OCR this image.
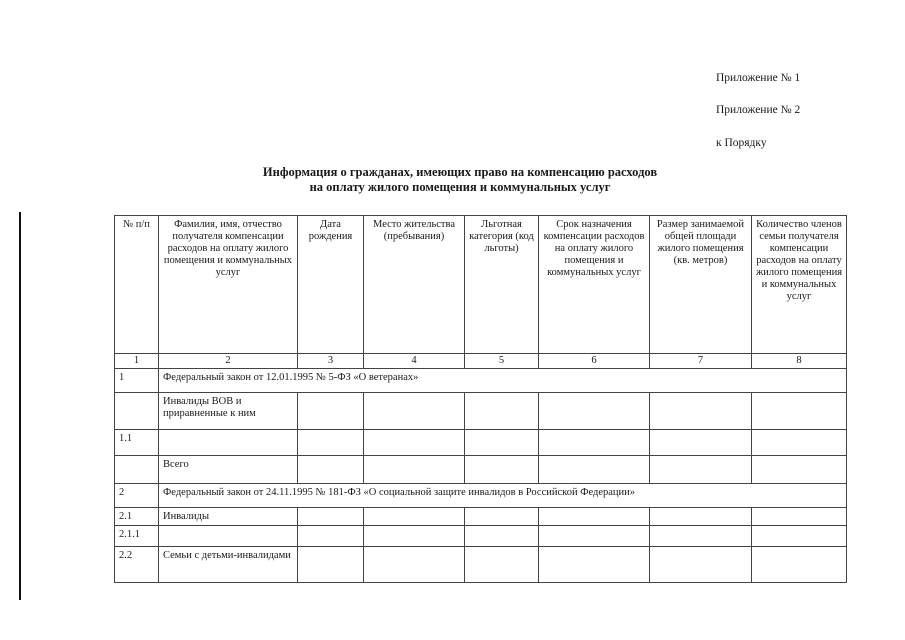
Приложение № 1
Приложение № 2
к Порядку
Информация о гражданах, имеющих право на компенсацию расходов
на оплату жилого помещения и коммунальных услуг
№ п/п	Фамилия, имя, отчество получателя компенсации расходов на оплату жилого помещения и коммунальных услуг	Дата рождения	Место жительства (пребывания)	Льготная категория (код льготы)	Срок назначения компенсации расходов на оплату жилого помещения и коммунальных услуг	Размер занимаемой общей площади жилого помещения (кв. метров)	Количество членов семьи получателя компенсации расходов на оплату жилого помещения и коммунальных услуг
1	2	3	4	5	6	7	8
1	Федеральный закон от 12.01.1995 № 5-ФЗ «О ветеранах»						
	Инвалиды ВОВ и приравненные к ним						
1.1							
	Всего						
2	Федеральный закон от 24.11.1995 № 181-ФЗ «О социальной защите инвалидов в Российской Федерации»						
2.1	Инвалиды						
2.1.1							
2.2	Семьи с детьми-инвалидами						
